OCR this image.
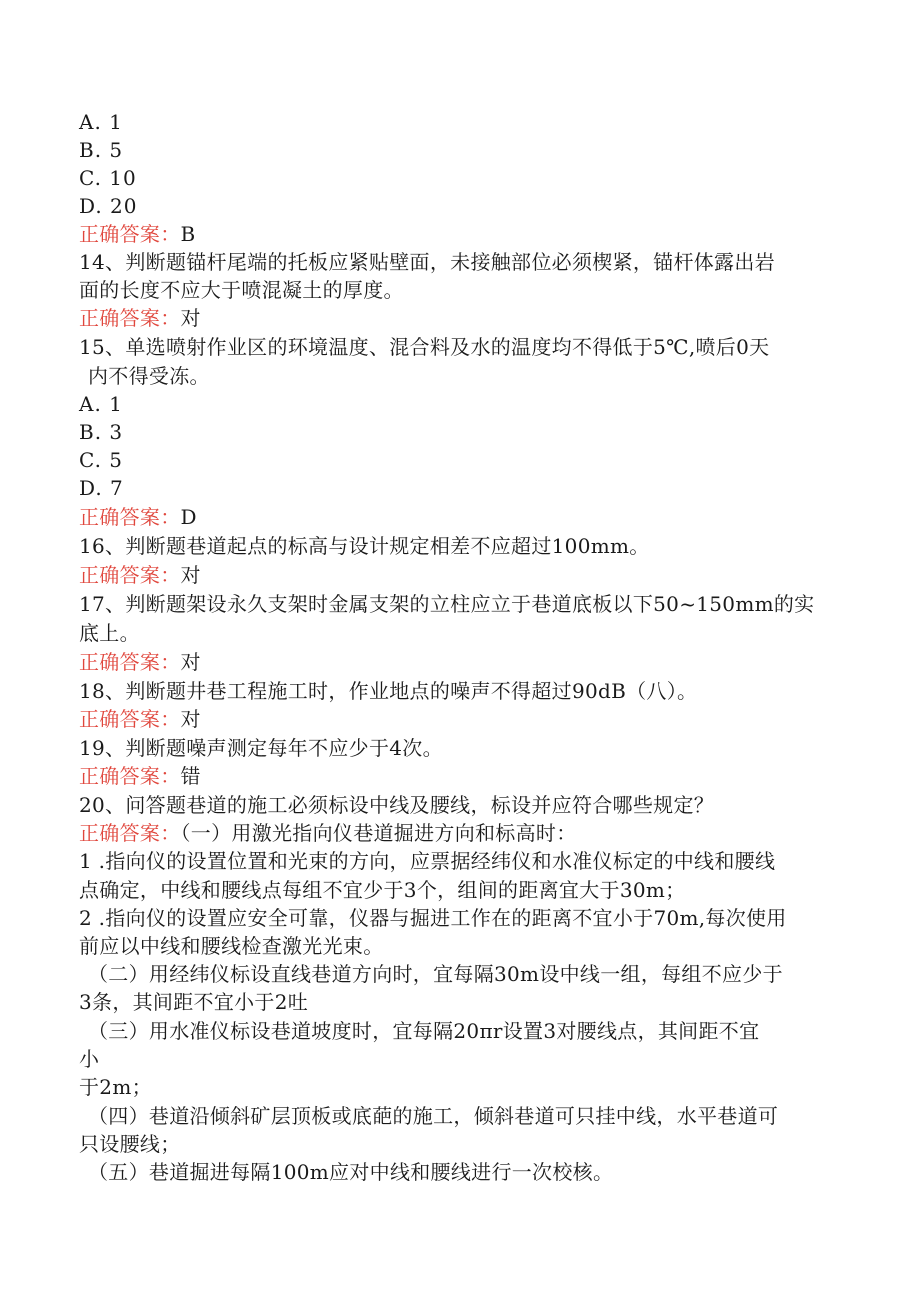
A. 1
B. 5
C. 10
D. 20
正确答案：B
14、判断题锚杆尾端的托板应紧贴壁面，未接触部位必须楔紧，锚杆体露出岩
面的长度不应大于喷混凝土的厚度。
正确答案：对
15、单选喷射作业区的环境温度、混合料及水的温度均不得低于5℃,喷后0天
内不得受冻。
A. 1
B. 3
C. 5
D. 7
正确答案：D
16、判断题巷道起点的标高与设计规定相差不应超过100mm。
正确答案：对
17、判断题架设永久支架时金属支架的立柱应立于巷道底板以下50~150mm的实
底上。
正确答案：对
18、判断题井巷工程施工时，作业地点的噪声不得超过90dB（八）。
正确答案：对
19、判断题噪声测定每年不应少于4次。
正确答案：错
20、问答题巷道的施工必须标设中线及腰线，标设并应符合哪些规定？
正确答案：（一）用激光指向仪巷道掘进方向和标高时：
1 .指向仪的设置位置和光束的方向，应票据经纬仪和水准仪标定的中线和腰线
点确定，中线和腰线点每组不宜少于3个，组间的距离宜大于30m；
2 .指向仪的设置应安全可靠，仪器与掘进工作在的距离不宜小于70m,每次使用
前应以中线和腰线检查激光光束。
（二）用经纬仪标设直线巷道方向时，宜每隔30m设中线一组，每组不应少于
3条，其间距不宜小于2吐
（三）用水准仪标设巷道坡度时，宜每隔20πr设置3对腰线点，其间距不宜
小
于2m；
（四）巷道沿倾斜矿层顶板或底葩的施工，倾斜巷道可只挂中线，水平巷道可
只设腰线；
（五）巷道掘进每隔100m应对中线和腰线进行一次校核。
